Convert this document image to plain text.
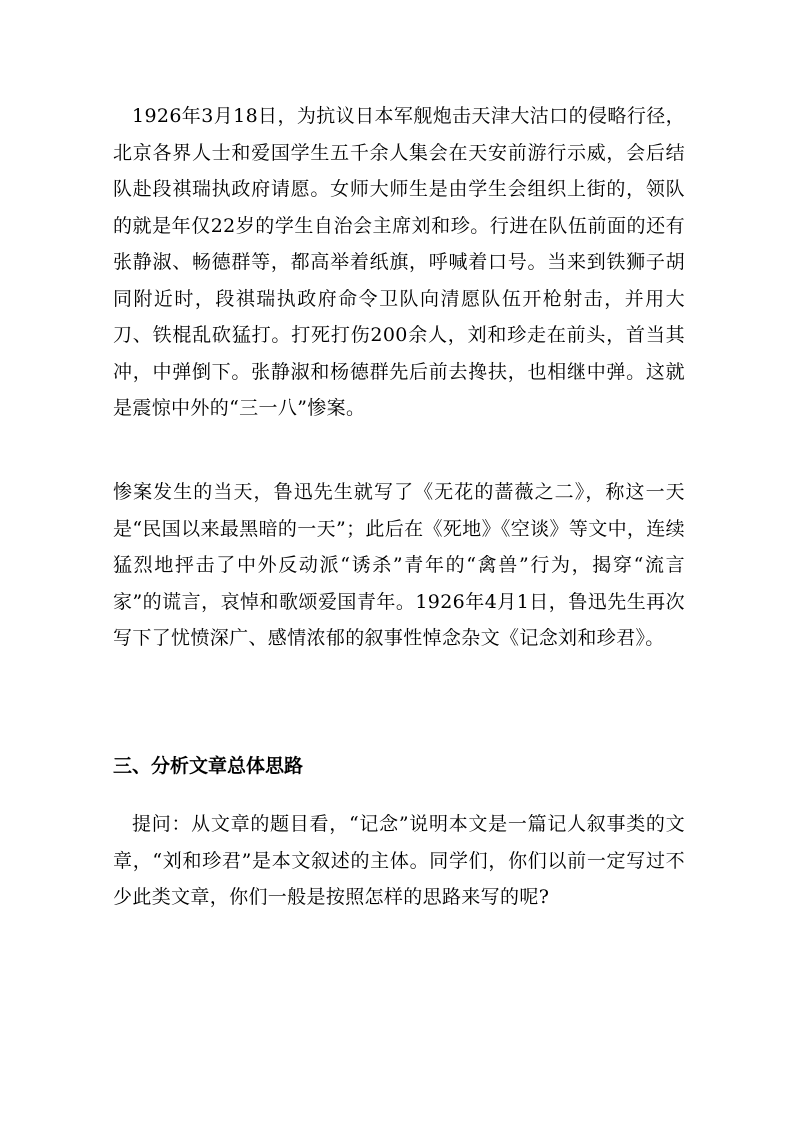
1926年3月18日，为抗议日本军舰炮击天津大沽口的侵略行径，北京各界人士和爱国学生五千余人集会在天安前游行示威，会后结队赴段祺瑞执政府请愿。女师大师生是由学生会组织上街的，领队的就是年仅22岁的学生自治会主席刘和珍。行进在队伍前面的还有张静淑、畅德群等，都高举着纸旗，呼喊着口号。当来到铁狮子胡同附近时，段祺瑞执政府命令卫队向清愿队伍开枪射击，并用大刀、铁棍乱砍猛打。打死打伤200余人，刘和珍走在前头，首当其冲，中弹倒下。张静淑和杨德群先后前去搀扶，也相继中弹。这就是震惊中外的“三一八”惨案。

惨案发生的当天，鲁迅先生就写了《无花的蔷薇之二》，称这一天是“民国以来最黑暗的一天”；此后在《死地》《空谈》等文中，连续猛烈地抨击了中外反动派“诱杀”青年的“禽兽”行为，揭穿“流言家”的谎言，哀悼和歌颂爱国青年。1926年4月1日，鲁迅先生再次写下了忧愤深广、感情浓郁的叙事性悼念杂文《记念刘和珍君》。

三、分析文章总体思路

提问：从文章的题目看，“记念”说明本文是一篇记人叙事类的文章，“刘和珍君”是本文叙述的主体。同学们，你们以前一定写过不少此类文章，你们一般是按照怎样的思路来写的呢?
